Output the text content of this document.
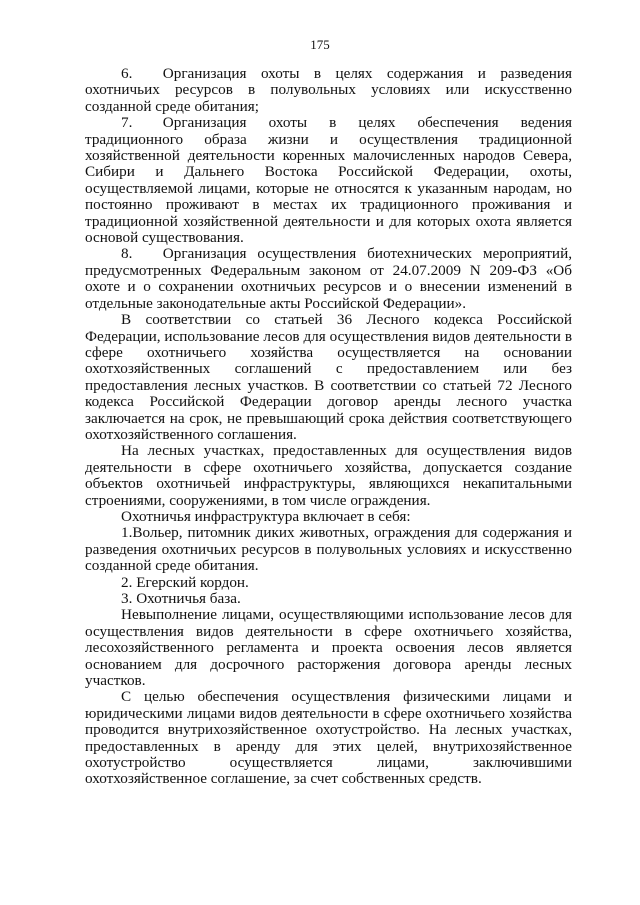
175

6.  Организация охоты в целях содержания и разведения охотничьих ресурсов в полувольных условиях или искусственно созданной среде обитания;

7.  Организация охоты в целях обеспечения ведения традиционного образа жизни и осуществления традиционной хозяйственной деятельности коренных малочисленных народов Севера, Сибири и Дальнего Востока Российской Федерации, охоты, осуществляемой лицами, которые не относятся к указанным народам, но постоянно проживают в местах их традиционного проживания и традиционной хозяйственной деятельности и для которых охота является основой существования.

8.  Организация осуществления биотехнических мероприятий, предусмотренных Федеральным законом от 24.07.2009 N 209-ФЗ «Об охоте и о сохранении охотничьих ресурсов и о внесении изменений в отдельные законодательные акты Российской Федерации».

В соответствии со статьей 36 Лесного кодекса Российской Федерации, использование лесов для осуществления видов деятельности в сфере охотничьего хозяйства осуществляется на основании охотхозяйственных соглашений с предоставлением или без предоставления лесных участков. В соответствии со статьей 72 Лесного кодекса Российской Федерации договор аренды лесного участка заключается на срок, не превышающий срока действия соответствующего охотхозяйственного соглашения.

На лесных участках, предоставленных для осуществления видов деятельности в сфере охотничьего хозяйства, допускается создание объектов охотничьей инфраструктуры, являющихся некапитальными строениями, сооружениями, в том числе ограждения.

Охотничья инфраструктура включает в себя:

1.Вольер, питомник диких животных, ограждения для содержания и разведения охотничьих ресурсов в полувольных условиях и искусственно созданной среде обитания.

2. Егерский кордон.

3. Охотничья база.

Невыполнение лицами, осуществляющими использование лесов для осуществления видов деятельности в сфере охотничьего хозяйства, лесохозяйственного регламента и проекта освоения лесов является основанием для досрочного расторжения договора аренды лесных участков.

С целью обеспечения осуществления физическими лицами и юридическими лицами видов деятельности в сфере охотничьего хозяйства проводится внутрихозяйственное охотустройство. На лесных участках, предоставленных в аренду для этих целей, внутрихозяйственное охотустройство осуществляется лицами, заключившими охотхозяйственное соглашение, за счет собственных средств.
